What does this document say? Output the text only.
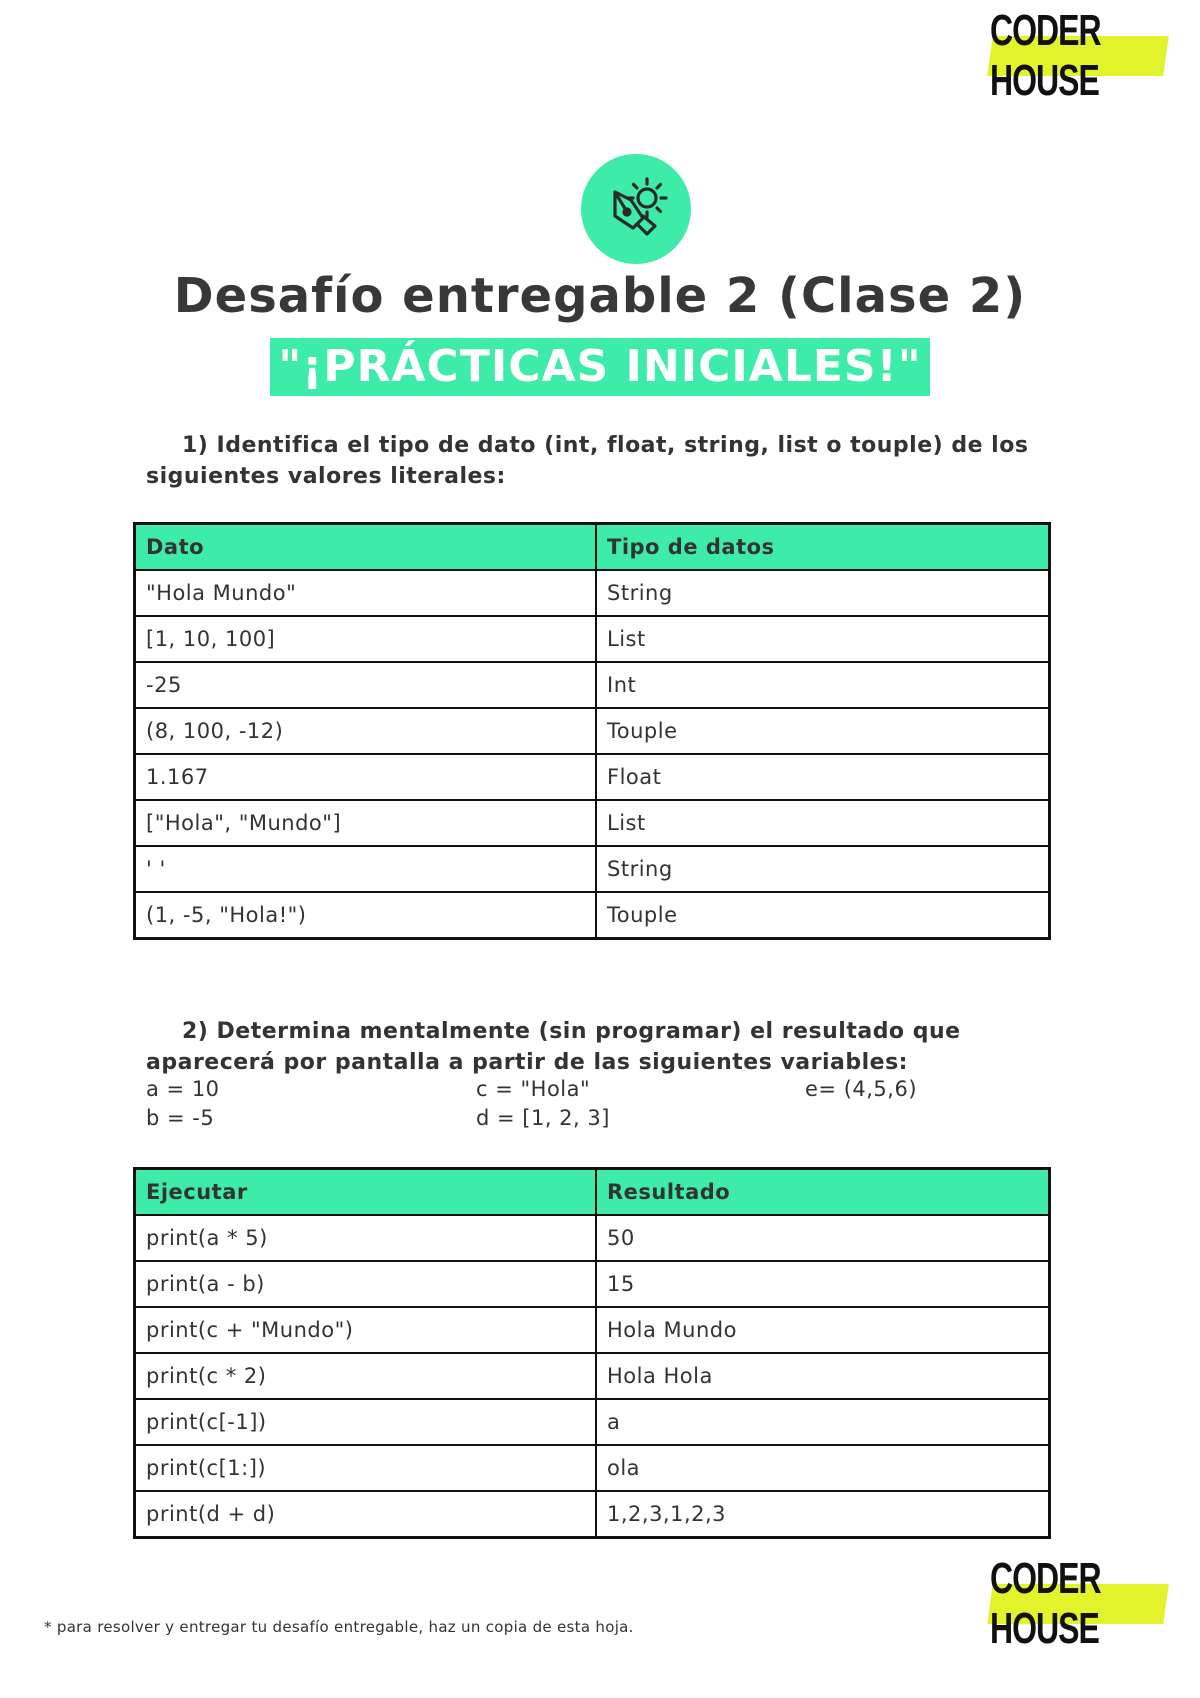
CODER HOUSE
Desafío entregable 2 (Clase 2)
"¡PRÁCTICAS INICIALES!"
1) Identifica el tipo de dato (int, float, string, list o touple) de los siguientes valores literales:
Dato	Tipo de datos
"Hola Mundo"	String
[1, 10, 100]	List
-25	Int
(8, 100, -12)	Touple
1.167	Float
["Hola", "Mundo"]	List
' '	String
(1, -5, "Hola!")	Touple
2) Determina mentalmente (sin programar) el resultado que aparecerá por pantalla a partir de las siguientes variables:
a = 10
b = -5
c = "Hola"
d = [1, 2, 3]
e= (4,5,6)
Ejecutar	Resultado
print(a * 5)	50
print(a - b)	15
print(c + "Mundo")	Hola Mundo
print(c * 2)	Hola Hola
print(c[-1])	a
print(c[1:])	ola
print(d + d)	1,2,3,1,2,3
CODER HOUSE
* para resolver y entregar tu desafío entregable, haz un copia de esta hoja.
